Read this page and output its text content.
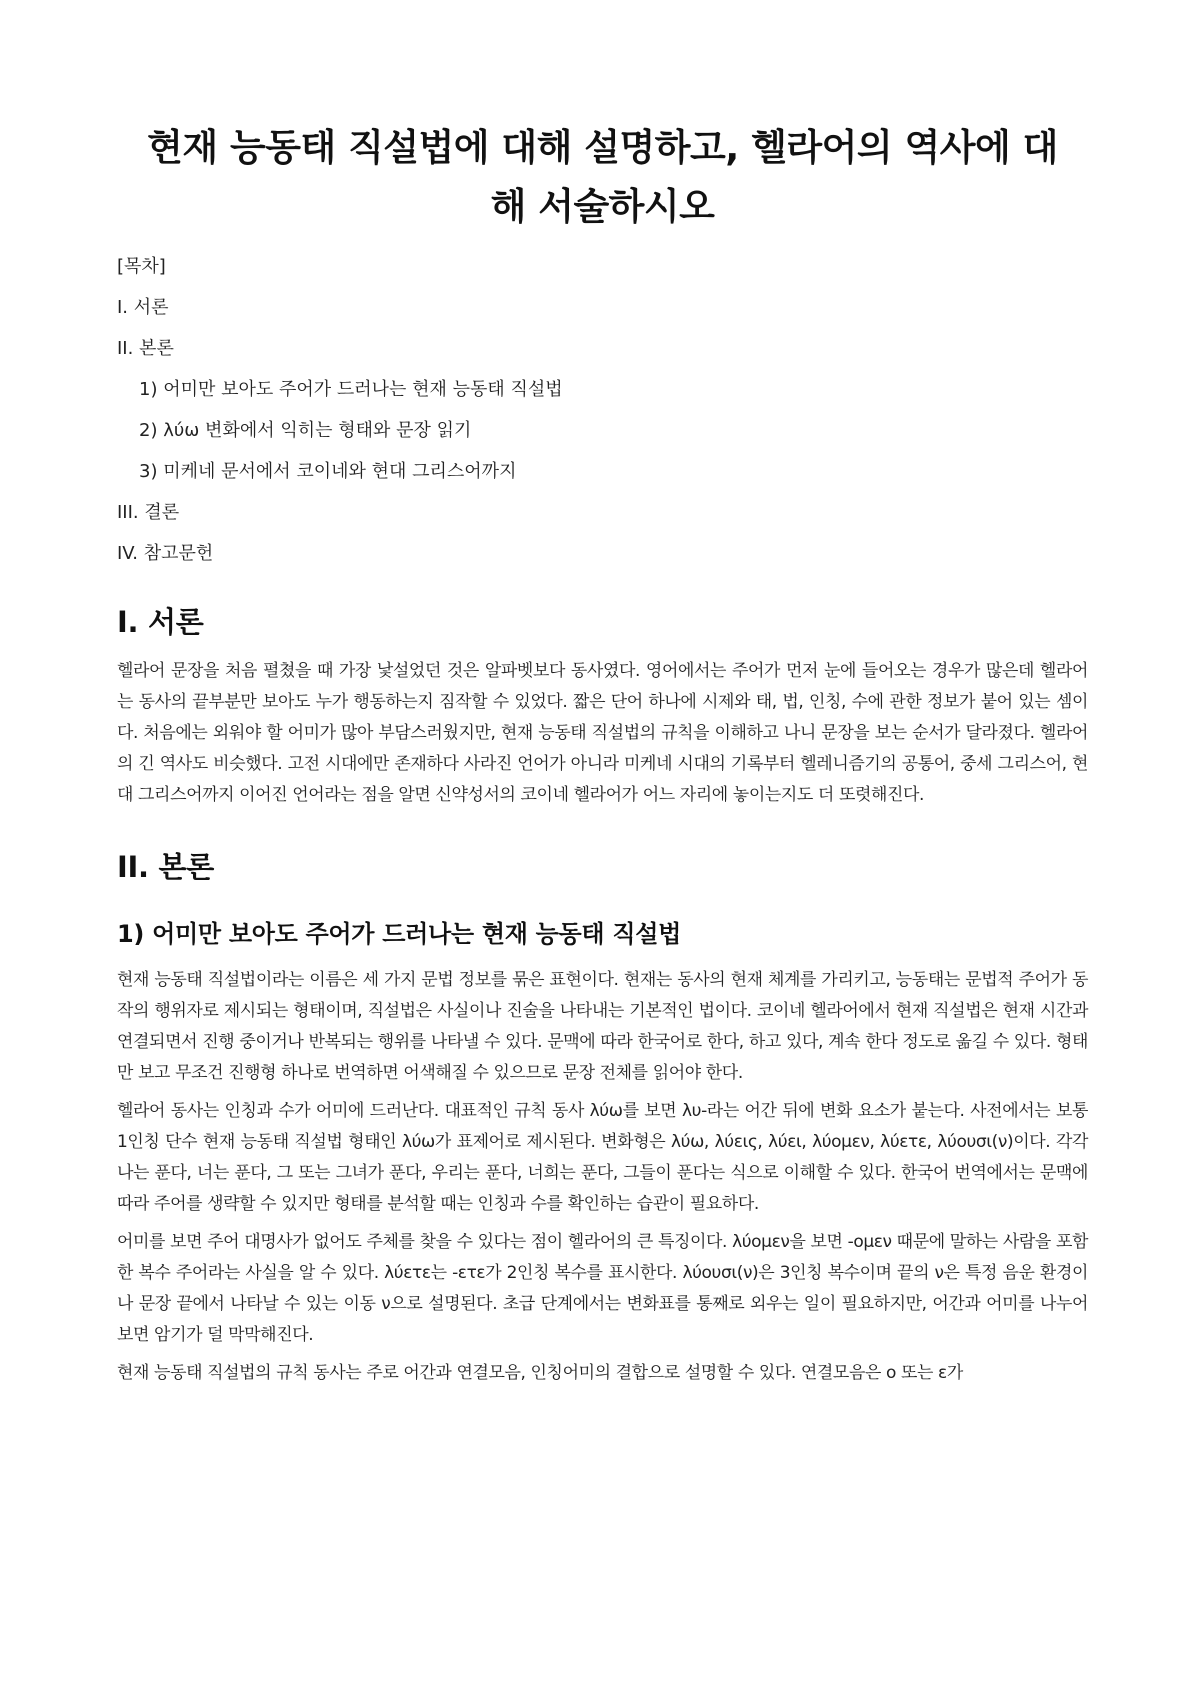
현재 능동태 직설법에 대해 설명하고, 헬라어의 역사에 대해 서술하시오
[목차]
I. 서론
II. 본론
1) 어미만 보아도 주어가 드러나는 현재 능동태 직설법
2) λύω 변화에서 익히는 형태와 문장 읽기
3) 미케네 문서에서 코이네와 현대 그리스어까지
III. 결론
IV. 참고문헌
I. 서론

헬라어 문장을 처음 펼쳤을 때 가장 낯설었던 것은 알파벳보다 동사였다. 영어에서는 주어가 먼저 눈에 들어오는 경우가 많은데 헬라어는 동사의 끝부분만 보아도 누가 행동하는지 짐작할 수 있었다. 짧은 단어 하나에 시제와 태, 법, 인칭, 수에 관한 정보가 붙어 있는 셈이다. 처음에는 외워야 할 어미가 많아 부담스러웠지만, 현재 능동태 직설법의 규칙을 이해하고 나니 문장을 보는 순서가 달라졌다. 헬라어의 긴 역사도 비슷했다. 고전 시대에만 존재하다 사라진 언어가 아니라 미케네 시대의 기록부터 헬레니즘기의 공통어, 중세 그리스어, 현대 그리스어까지 이어진 언어라는 점을 알면 신약성서의 코이네 헬라어가 어느 자리에 놓이는지도 더 또렷해진다.

II. 본론
1) 어미만 보아도 주어가 드러나는 현재 능동태 직설법

현재 능동태 직설법이라는 이름은 세 가지 문법 정보를 묶은 표현이다. 현재는 동사의 현재 체계를 가리키고, 능동태는 문법적 주어가 동작의 행위자로 제시되는 형태이며, 직설법은 사실이나 진술을 나타내는 기본적인 법이다. 코이네 헬라어에서 현재 직설법은 현재 시간과 연결되면서 진행 중이거나 반복되는 행위를 나타낼 수 있다. 문맥에 따라 한국어로 한다, 하고 있다, 계속 한다 정도로 옮길 수 있다. 형태만 보고 무조건 진행형 하나로 번역하면 어색해질 수 있으므로 문장 전체를 읽어야 한다.

헬라어 동사는 인칭과 수가 어미에 드러난다. 대표적인 규칙 동사 λύω를 보면 λυ-라는 어간 뒤에 변화 요소가 붙는다. 사전에서는 보통 1인칭 단수 현재 능동태 직설법 형태인 λύω가 표제어로 제시된다. 변화형은 λύω, λύεις, λύει, λύομεν, λύετε, λύουσι(ν)이다. 각각 나는 푼다, 너는 푼다, 그 또는 그녀가 푼다, 우리는 푼다, 너희는 푼다, 그들이 푼다는 식으로 이해할 수 있다. 한국어 번역에서는 문맥에 따라 주어를 생략할 수 있지만 형태를 분석할 때는 인칭과 수를 확인하는 습관이 필요하다.

어미를 보면 주어 대명사가 없어도 주체를 찾을 수 있다는 점이 헬라어의 큰 특징이다. λύομεν을 보면 -ομεν 때문에 말하는 사람을 포함한 복수 주어라는 사실을 알 수 있다. λύετε는 -ετε가 2인칭 복수를 표시한다. λύουσι(ν)은 3인칭 복수이며 끝의 ν은 특정 음운 환경이나 문장 끝에서 나타날 수 있는 이동 ν으로 설명된다. 초급 단계에서는 변화표를 통째로 외우는 일이 필요하지만, 어간과 어미를 나누어 보면 암기가 덜 막막해진다.

현재 능동태 직설법의 규칙 동사는 주로 어간과 연결모음, 인칭어미의 결합으로 설명할 수 있다. 연결모음은 ο 또는 ε가
